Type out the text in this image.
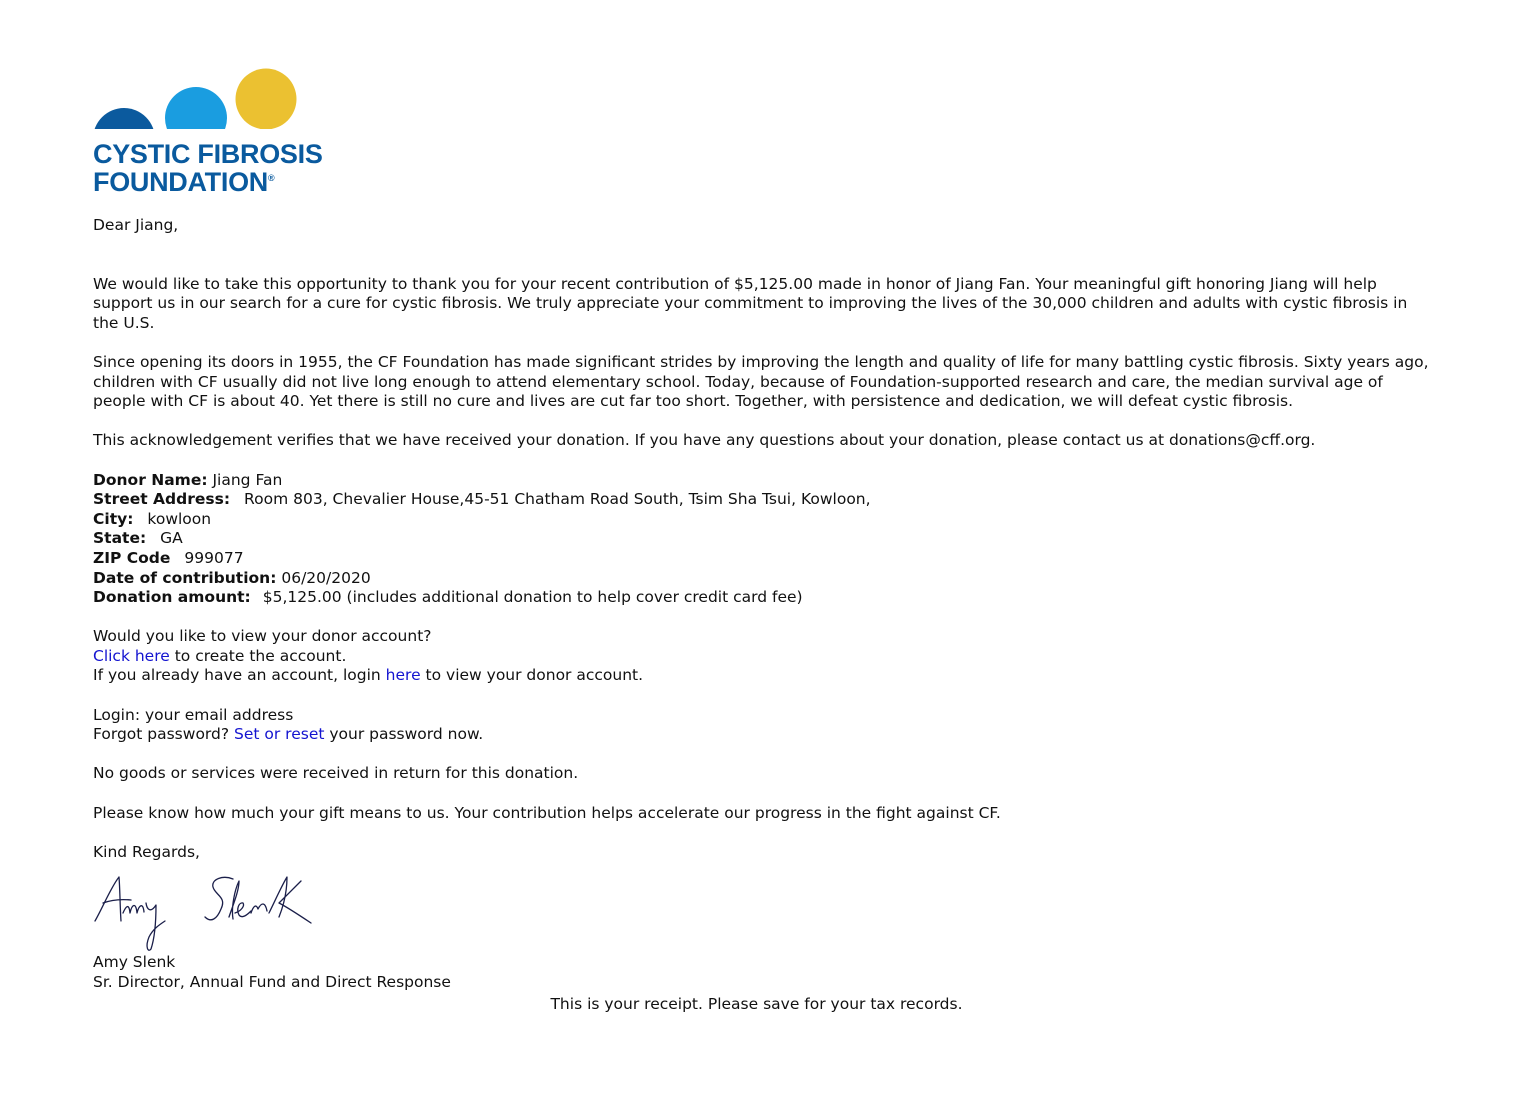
CYSTIC FIBROSIS
FOUNDATION®

Dear Jiang,

We would like to take this opportunity to thank you for your recent contribution of $5,125.00 made in honor of Jiang Fan. Your meaningful gift honoring Jiang will help support us in our search for a cure for cystic fibrosis. We truly appreciate your commitment to improving the lives of the 30,000 children and adults with cystic fibrosis in the U.S.

Since opening its doors in 1955, the CF Foundation has made significant strides by improving the length and quality of life for many battling cystic fibrosis. Sixty years ago, children with CF usually did not live long enough to attend elementary school. Today, because of Foundation-supported research and care, the median survival age of people with CF is about 40. Yet there is still no cure and lives are cut far too short. Together, with persistence and dedication, we will defeat cystic fibrosis.

This acknowledgement verifies that we have received your donation. If you have any questions about your donation, please contact us at donations@cff.org.

Donor Name: Jiang Fan
Street Address: Room 803, Chevalier House,45-51 Chatham Road South, Tsim Sha Tsui, Kowloon,
City: kowloon
State: GA
ZIP Code 999077
Date of contribution: 06/20/2020
Donation amount: $5,125.00 (includes additional donation to help cover credit card fee)
Would you like to view your donor account?
Click here to create the account.
If you already have an account, login here to view your donor account.
Login: your email address
Forgot password? Set or reset your password now.

No goods or services were received in return for this donation.

Please know how much your gift means to us. Your contribution helps accelerate our progress in the fight against CF.

Kind Regards,

Amy Slenk
Sr. Director, Annual Fund and Direct Response
This is your receipt. Please save for your tax records.
